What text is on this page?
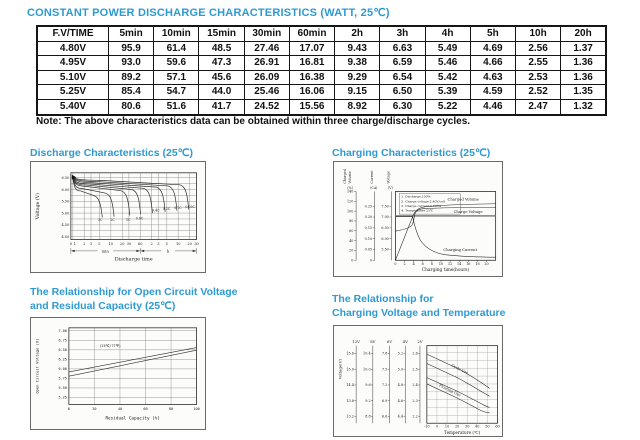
CONSTANT POWER DISCHARGE CHARACTERISTICS (WATT, 25℃)
F.V/TIME	5min	10min	15min	30min	60min	2h	3h	4h	5h	10h	20h
4.80V	95.9	61.4	48.5	27.46	17.07	9.43	6.63	5.49	4.69	2.56	1.37
4.95V	93.0	59.6	47.3	26.91	16.81	9.38	6.59	5.46	4.66	2.55	1.36
5.10V	89.2	57.1	45.6	26.09	16.38	9.29	6.54	5.42	4.63	2.53	1.36
5.25V	85.4	54.7	44.0	25.46	16.06	9.15	6.50	5.39	4.59	2.52	1.35
5.40V	80.6	51.6	41.7	24.52	15.56	8.92	6.30	5.22	4.46	2.47	1.32
Note: The above characteristics data can be obtained within three charge/discharge cycles.
Discharge Characteristics (25℃)	Charging Characteristics (25℃)
The Relationship for Open Circuit Voltage
and Residual Capacity (25℃)
The Relationship for
Charging Voltage and Temperature
3C 2C	1C 0.6C
0.4C 0.2C 0.1C 0.05C
Voltage (V)
6.50
6.00
5.50
5.00
4.50
4.00
0 1 2 3 5 10 20 30 60 2 3 5 10 20 30
min	h
Discharge time
Charged Volume	Current	Voltage
(%)	(CA)	(V)
140
120
100
80
60
40
20
0
0.25
0.20
0.15
0.10
0.05
0
7.50
7.00
6.50
6.00
5.50
1. Discharge:100%
2. Charge voltage:2.40V/cell
3. Charge current:0.20CA
4. Temperature:25℃
Charged Volume
Charge Voltage
Charging Current
0 2 4 6 8 10 12 14 16 18 20
Charging time(hours)
(25℃/77℉)
Open Circuit Voltage (V)
7.00
6.75
6.50
6.25
6.00
5.75
5.50
5.25
0	20	40	60	80	100
Residual Capacity (%)
Voltage(V)
12V	8V	6V	4V 2V
15.6
15.0
14.4
13.8
13.2
10.4
10.0
9.6
9.2
8.8
7.8
7.5
7.2
6.9
6.6
5.2
5.0
4.8
4.6
4.4
2.6
2.5
2.4
2.3
2.2
Cycle Use
Floating Use
-10 0 10 20 30 40 50 60
Temperature (℃)
